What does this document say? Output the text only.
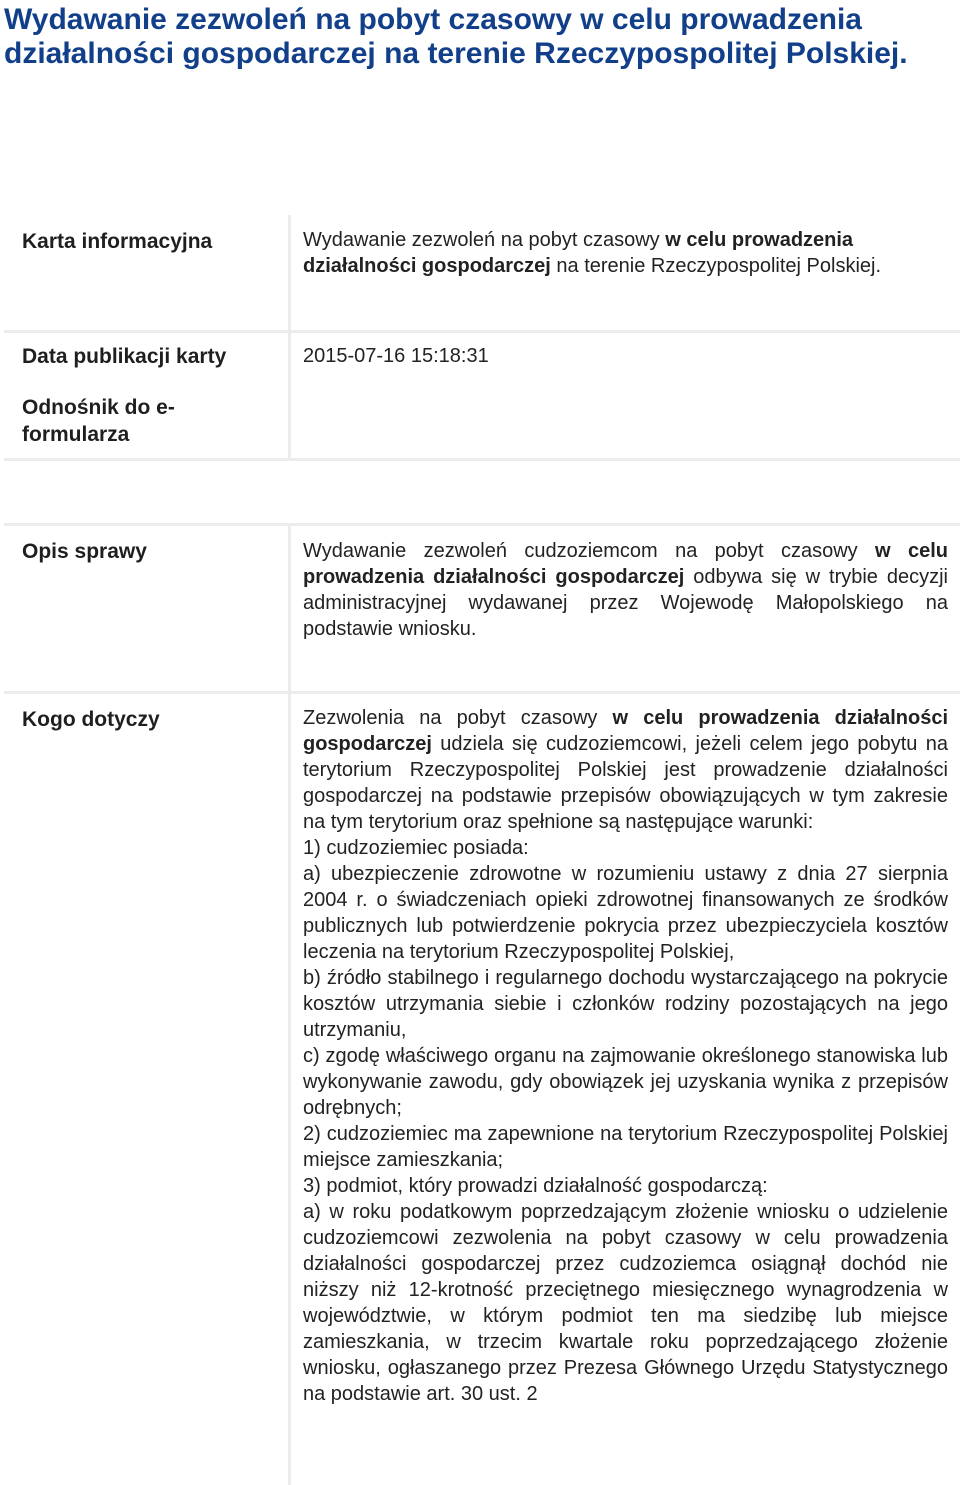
Wydawanie zezwoleń na pobyt czasowy w celu prowadzenia działalności gospodarczej na terenie Rzeczypospolitej Polskiej.
Karta informacyjna	Wydawanie zezwoleń na pobyt czasowy w celu prowadzenia działalności gospodarczej na terenie Rzeczypospolitej Polskiej.
Data publikacji karty	2015-07-16 15:18:31
Odnośnik do e-formularza
Opis sprawy	Wydawanie zezwoleń cudzoziemcom na pobyt czasowy w celu prowadzenia działalności gospodarczej odbywa się w trybie decyzji administracyjnej wydawanej przez Wojewodę Małopolskiego na podstawie wniosku.
Kogo dotyczy	Zezwolenia na pobyt czasowy w celu prowadzenia działalności gospodarczej udziela się cudzoziemcowi, jeżeli celem jego pobytu na terytorium Rzeczypospolitej Polskiej jest prowadzenie działalności gospodarczej na podstawie przepisów obowiązujących w tym zakresie na tym terytorium oraz spełnione są następujące warunki:

1) cudzoziemiec posiada:

a) ubezpieczenie zdrowotne w rozumieniu ustawy z dnia 27 sierpnia 2004 r. o świadczeniach opieki zdrowotnej finansowanych ze środków publicznych lub potwierdzenie pokrycia przez ubezpieczyciela kosztów leczenia na terytorium Rzeczypospolitej Polskiej,

b) źródło stabilnego i regularnego dochodu wystarczającego na pokrycie kosztów utrzymania siebie i członków rodziny pozostających na jego utrzymaniu,

c) zgodę właściwego organu na zajmowanie określonego stanowiska lub wykonywanie zawodu, gdy obowiązek jej uzyskania wynika z przepisów odrębnych;

2) cudzoziemiec ma zapewnione na terytorium Rzeczypospolitej Polskiej miejsce zamieszkania;

3) podmiot, który prowadzi działalność gospodarczą:

a) w roku podatkowym poprzedzającym złożenie wniosku o udzielenie cudzoziemcowi zezwolenia na pobyt czasowy w celu prowadzenia działalności gospodarczej przez cudzoziemca osiągnął dochód nie niższy niż 12-krotność przeciętnego miesięcznego wynagrodzenia w województwie, w którym podmiot ten ma siedzibę lub miejsce zamieszkania, w trzecim kwartale roku poprzedzającego złożenie wniosku, ogłaszanego przez Prezesa Głównego Urzędu Statystycznego na podstawie art. 30 ust. 2
